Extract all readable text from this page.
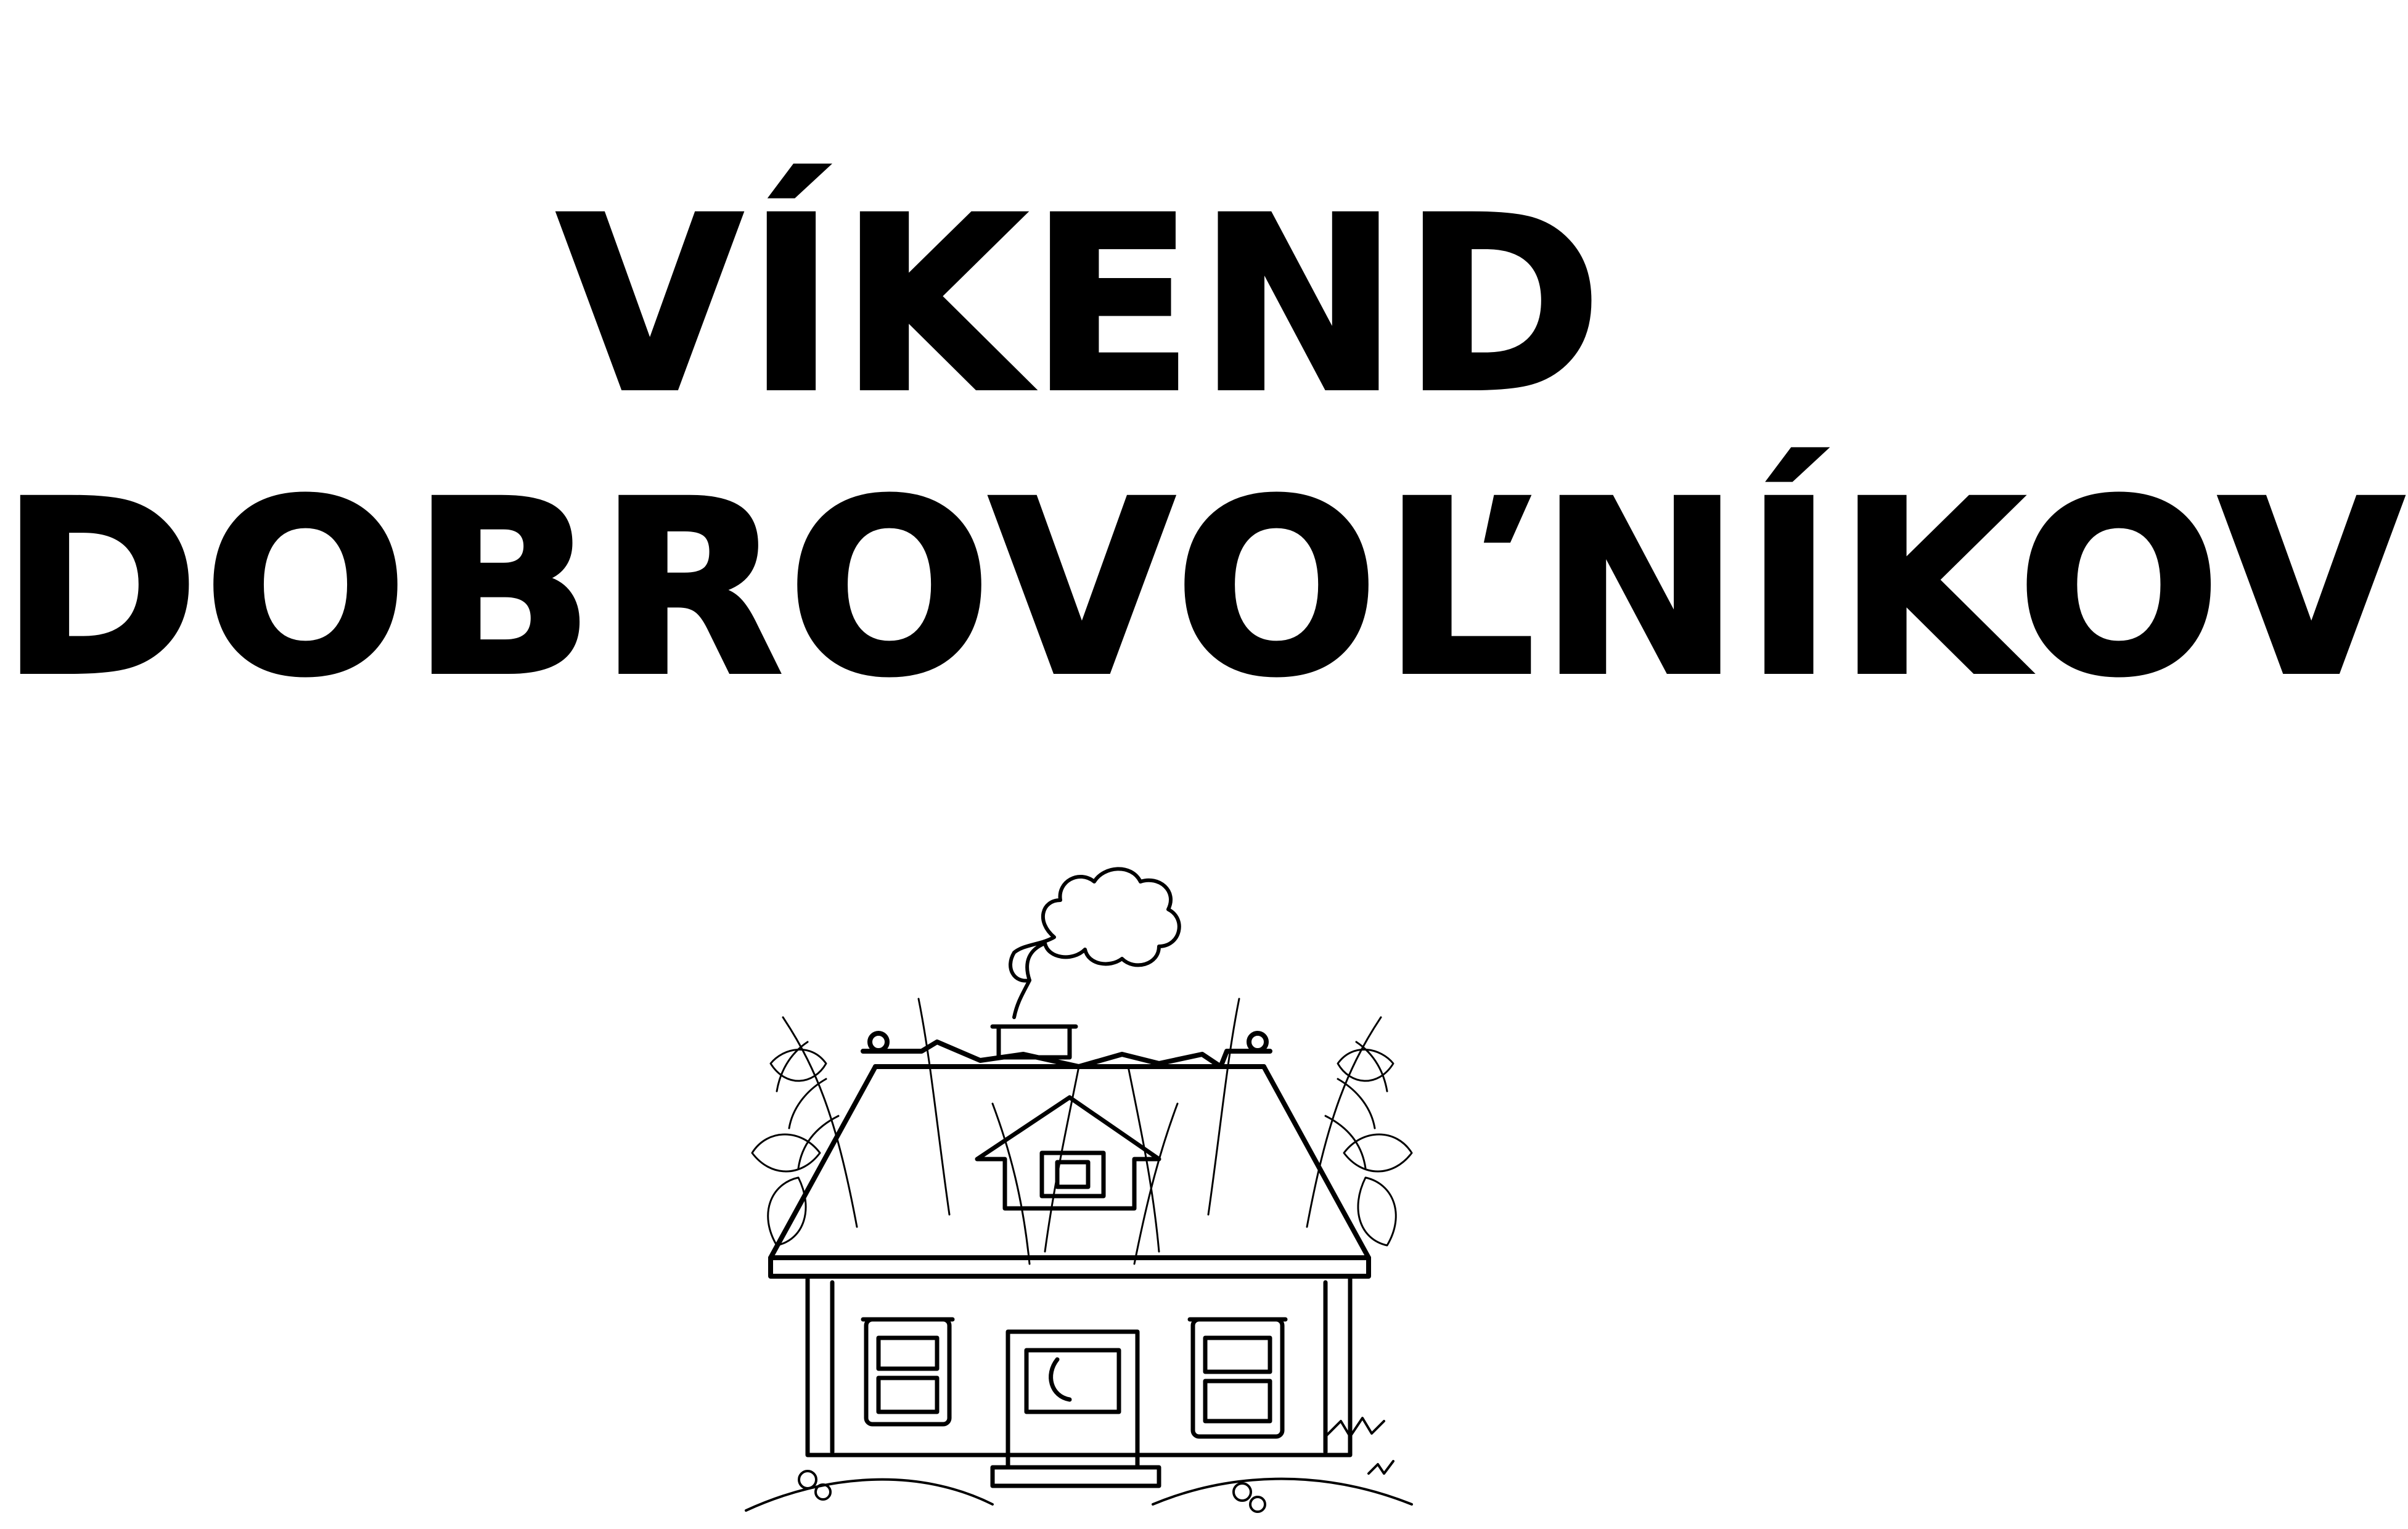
VÍKEND
DOBROVOĽNÍKOV
